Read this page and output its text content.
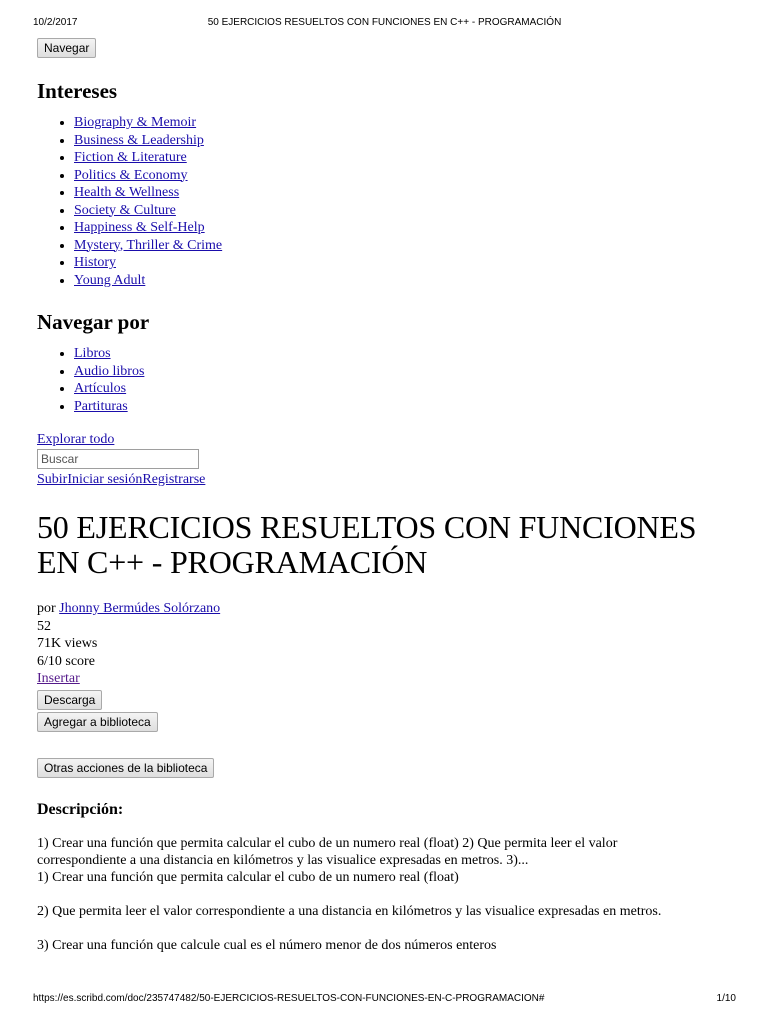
10/2/2017	50 EJERCICIOS RESUELTOS CON FUNCIONES EN C++ - PROGRAMACIÓN
Navegar
Intereses
• Biography & Memoir
• Business & Leadership
• Fiction & Literature
• Politics & Economy
• Health & Wellness
• Society & Culture
• Happiness & Self-Help
• Mystery, Thriller & Crime
• History
• Young Adult
Navegar por
• Libros
• Audio libros
• Artículos
• Partituras
Explorar todo
Buscar
SubirIniciar sesiónRegistrarse
50 EJERCICIOS RESUELTOS CON FUNCIONES EN C++ - PROGRAMACIÓN
por Jhonny Bermúdes Solórzano
52
71K views
6/10 score
Insertar
Descarga
Agregar a biblioteca
Otras acciones de la biblioteca
Descripción:
1) Crear una función que permita calcular el cubo de un numero real (float) 2) Que permita leer el valor correspondiente a una distancia en kilómetros y las visualice expresadas en metros. 3)...

1) Crear una función que permita calcular el cubo de un numero real (float)

2) Que permita leer el valor correspondiente a una distancia en kilómetros y las visualice expresadas en metros.

3) Crear una función que calcule cual es el número menor de dos números enteros

https://es.scribd.com/doc/235747482/50-EJERCICIOS-RESUELTOS-CON-FUNCIONES-EN-C-PROGRAMACION#	1/10
